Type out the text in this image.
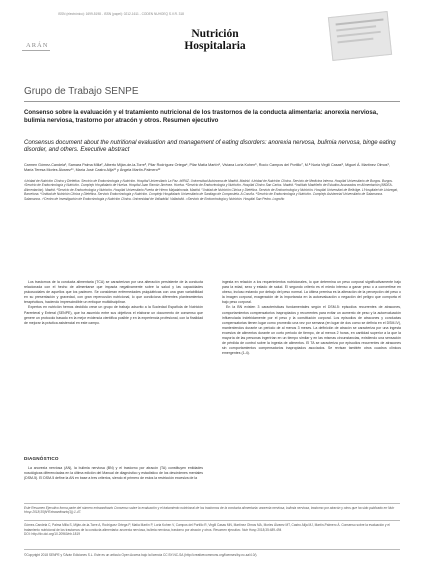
ISSN (electrónico): 1699-5198 - ISSN (papel): 0212-1611 - CODEN NUHOEQ S.V.R. 318
ARÁN
Nutrición
Hospitalaria
Grupo de Trabajo SENPE
Consenso sobre la evaluación y el tratamiento nutricional de los trastornos de la conducta alimentaria: anorexia nerviosa, bulimia nerviosa, trastorno por atracón y otros. Resumen ejecutivo
Consensus document about the nutritional evaluation and management of eating disorders: anorexia nervosa, bulimia nervosa, binge eating disorder, and others. Executive abstract
Carmen Gómez-Candela¹, Samara Palma Milla², Alberto Miján-de-la-Torre³, Pilar Rodríguez Ortega⁴, Pilar Matía Martín⁵, Viviana Loria Kohen⁶, Rocío Campos del Portillo⁷, M.ª Nuria Virgili Casas⁸, Miguel Á. Martínez Olmos⁹, María Teresa Mories Álvarez¹⁰, María José Castro Alija¹¹ y Ángela Martín-Palmero¹²
¹Unidad de Nutrición Clínica y Dietética. Servicio de Endocrinología y Nutrición. Hospital Universitario La Paz. IdiPAZ. Universidad Autónoma de Madrid. Madrid. ²Unidad de Nutrición Clínica. Servicio de Medicina Interna. Hospital Universitario de Burgos. Burgos. ³Servicio de Endocrinología y Nutrición. Complejo Hospitalario de Huelva. Hospital Juan Ramón Jiménez. Huelva. ⁴Servicio de Endocrinología y Nutrición. Hospital Clínico San Carlos. Madrid. ⁵Instituto Madrileño de Estudios Avanzados en Alimentación (IMDEA-Alimentación). Madrid. ⁶Servicio de Endocrinología y Nutrición. Hospital Universitario Puerta de Hierro Majadahonda. Madrid. ⁷Unidad de Nutrición Clínica y Dietética. Servicio de Endocrinología y Nutrición. Hospital Universitari de Bellvitge. L'Hospitalet de Llobregat, Barcelona. ⁸Unidad de Nutrición Clínica y Dietética. Servicio Endocrinología y Nutrición. Complejo Hospitalario Universitario de Santiago de Compostela. A Coruña. ⁹Servicio de Endocrinología y Nutrición. Complejo Asistencial Universitario de Salamanca. Salamanca. ¹⁰Centro de Investigación de Endocrinología y Nutrición Clínica. Universidad de Valladolid. Valladolid. ¹¹Servicio de Endocrinología y Nutrición. Hospital San Pedro. Logroño

Los trastornos de la conducta alimentaria (TCA) se caracterizan por una alteración persistente de la conducta relacionada con el hecho de alimentarse que impacta negativamente sobre la salud y las capacidades psicosociales de aquellos que los padecen. Se consideran enfermedades psiquiátricas con una gran variabilidad en su presentación y gravedad, con gran repercusión nutricional, lo que condiciona diferentes planteamientos terapéuticos, haciendo imprescindible un enfoque multidisciplinar.

Expertos en nutrición hemos decidido crear un grupo de trabajo adscrito a la Sociedad Española de Nutrición Parenteral y Enteral (SENPE), que ha asumido entre sus objetivos el elaborar un documento de consenso que genere un protocolo basado en la mejor evidencia científica posible y en la experiencia profesional, con la finalidad de mejorar la práctica asistencial en este campo.

DIAGNÓSTICO
La anorexia nerviosa (AN), la bulimia nerviosa (BN) y el trastorno por atracón (TA) constituyen entidades nosológicas diferenciadas en la última edición del Manual de diagnóstico y estadístico de los desórdenes mentales (DSM-5). El DSM-5 define la AN en base a tres criterios, siendo el primero de estos la restricción excesiva de la

ingesta en relación a los requerimientos nutricionales, lo que determina un peso corporal significativamente bajo para la edad, sexo y estado de salud. El segundo criterio es el miedo intenso a ganar peso o a convertirse en obeso, incluso estando por debajo del peso normal. La última premisa es la alteración de la percepción del peso o la imagen corporal, exageración de la importancia en la autoevaluación o negación del peligro que comporta el bajo peso corporal.

En la BN existen 3 características fundamentales según el DSM-5: episodios recurrentes de atracones, comportamientos compensatorios inapropiados y recurrentes para evitar un aumento de peso y la autoevaluación influenciada indebidamente por el peso y la constitución corporal. Los episodios de atracones y conductas compensatorias tienen lugar como promedio una vez por semana (en lugar de dos como se definía en el DSM-IV), manteniendos durante un periodo de al menos 3 meses. La definición de atracón se caracteriza por una ingesta excesiva de alimentos durante un corto periodo de tiempo, de al menos 2 horas, en cantidad superior a la que la mayoría de las personas ingerirían en un tiempo similar y en las mismas circunstancias, existiendo una sensación de pérdida de control sobre la ingesta de alimentos. El TA se caracteriza por episodios recurrentes de atracones sin comportamientos compensatorios inapropiados asociados. Se revisan también otros cuadros clínicos emergentes (1-4).

Este Resumen Ejecutivo forma parte del número extraordinario Consenso sobre la evaluación y el tratamiento nutricional de los trastornos de la conducta alimentaria: anorexia nerviosa, bulimia nerviosa, trastorno por atracón y otros que ha sido publicado en Nutr Hosp 2018;35(NºExtraordinario(1)):1-47.
Gómez-Candela C, Palma Milla S, Miján-de-la-Torre A, Rodríguez Ortega P, Matía Martín P, Loria Kohen V, Campos del Portillo R, Virgili Casas MN, Martínez Olmos MA, Mories Álvarez MT, Castro Alija MJ, Martín-Palmero Á. Consenso sobre la evaluación y el tratamiento nutricional de los trastornos de la conducta alimentaria: anorexia nerviosa, bulimia nerviosa, trastorno por atracón y otros. Resumen ejecutivo. Nutr Hosp 2018;35:489-494
DOI: http://dx.doi.org/10.20960/nh.1819
©Copyright 2018 SENPE y ©Arán Ediciones S.L. Este es un artículo Open Access bajo la licencia CC BY-NC-SA (http://creativecommons.org/licenses/by-nc-sa/4.0/).
